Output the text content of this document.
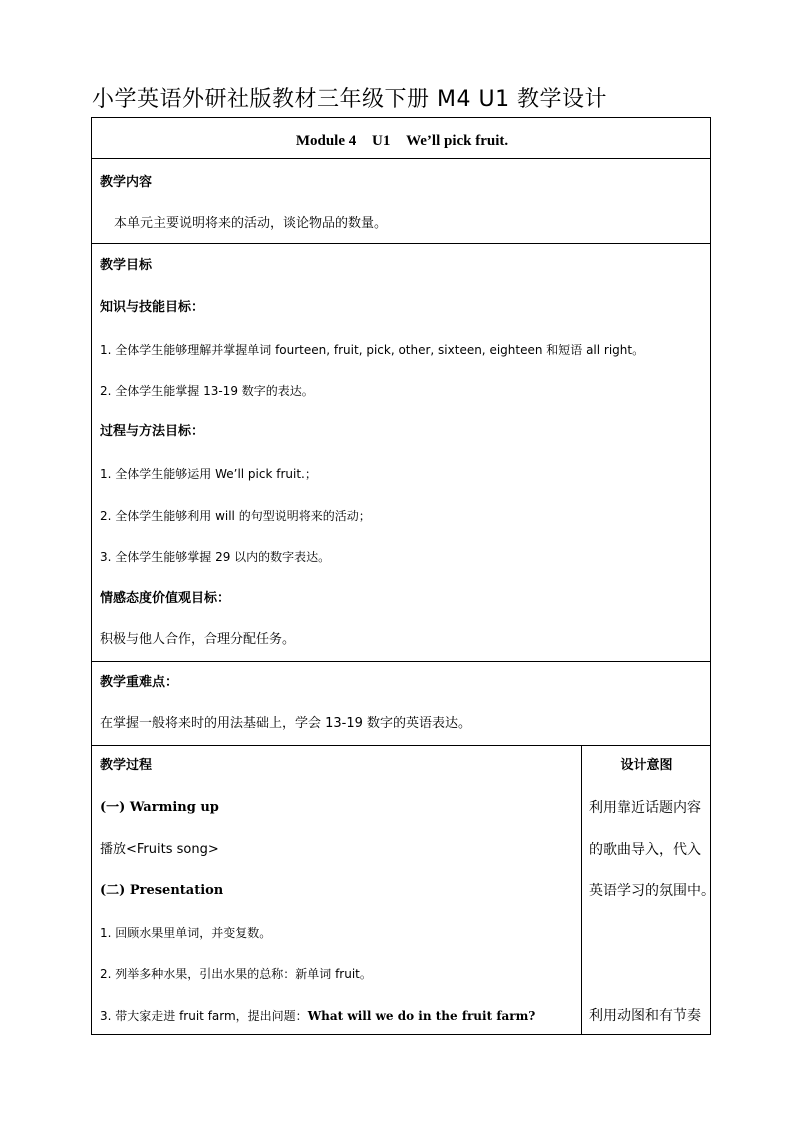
小学英语外研社版教材三年级下册 M4 U1 教学设计
Module 4 U1 We’ll pick fruit.
教学内容
本单元主要说明将来的活动，谈论物品的数量。
教学目标
知识与技能目标：
1. 全体学生能够理解并掌握单词 fourteen, fruit, pick, other, sixteen, eighteen 和短语 all right。
2. 全体学生能掌握 13-19 数字的表达。
过程与方法目标：
1. 全体学生能够运用 We’ll pick fruit.；
2. 全体学生能够利用 will 的句型说明将来的活动；
3. 全体学生能够掌握 29 以内的数字表达。
情感态度价值观目标：
积极与他人合作，合理分配任务。
教学重难点：
在掌握一般将来时的用法基础上，学会 13-19 数字的英语表达。
教学过程	设计意图
(一) Warming up
播放<Fruits song>
(二) Presentation
1. 回顾水果里单词，并变复数。
2. 列举多种水果，引出水果的总称：新单词 fruit。
3. 带大家走进 fruit farm，提出问题：What will we do in the fruit farm?
利用靠近话题内容
的歌曲导入，代入
英语学习的氛围中。
利用动图和有节奏
